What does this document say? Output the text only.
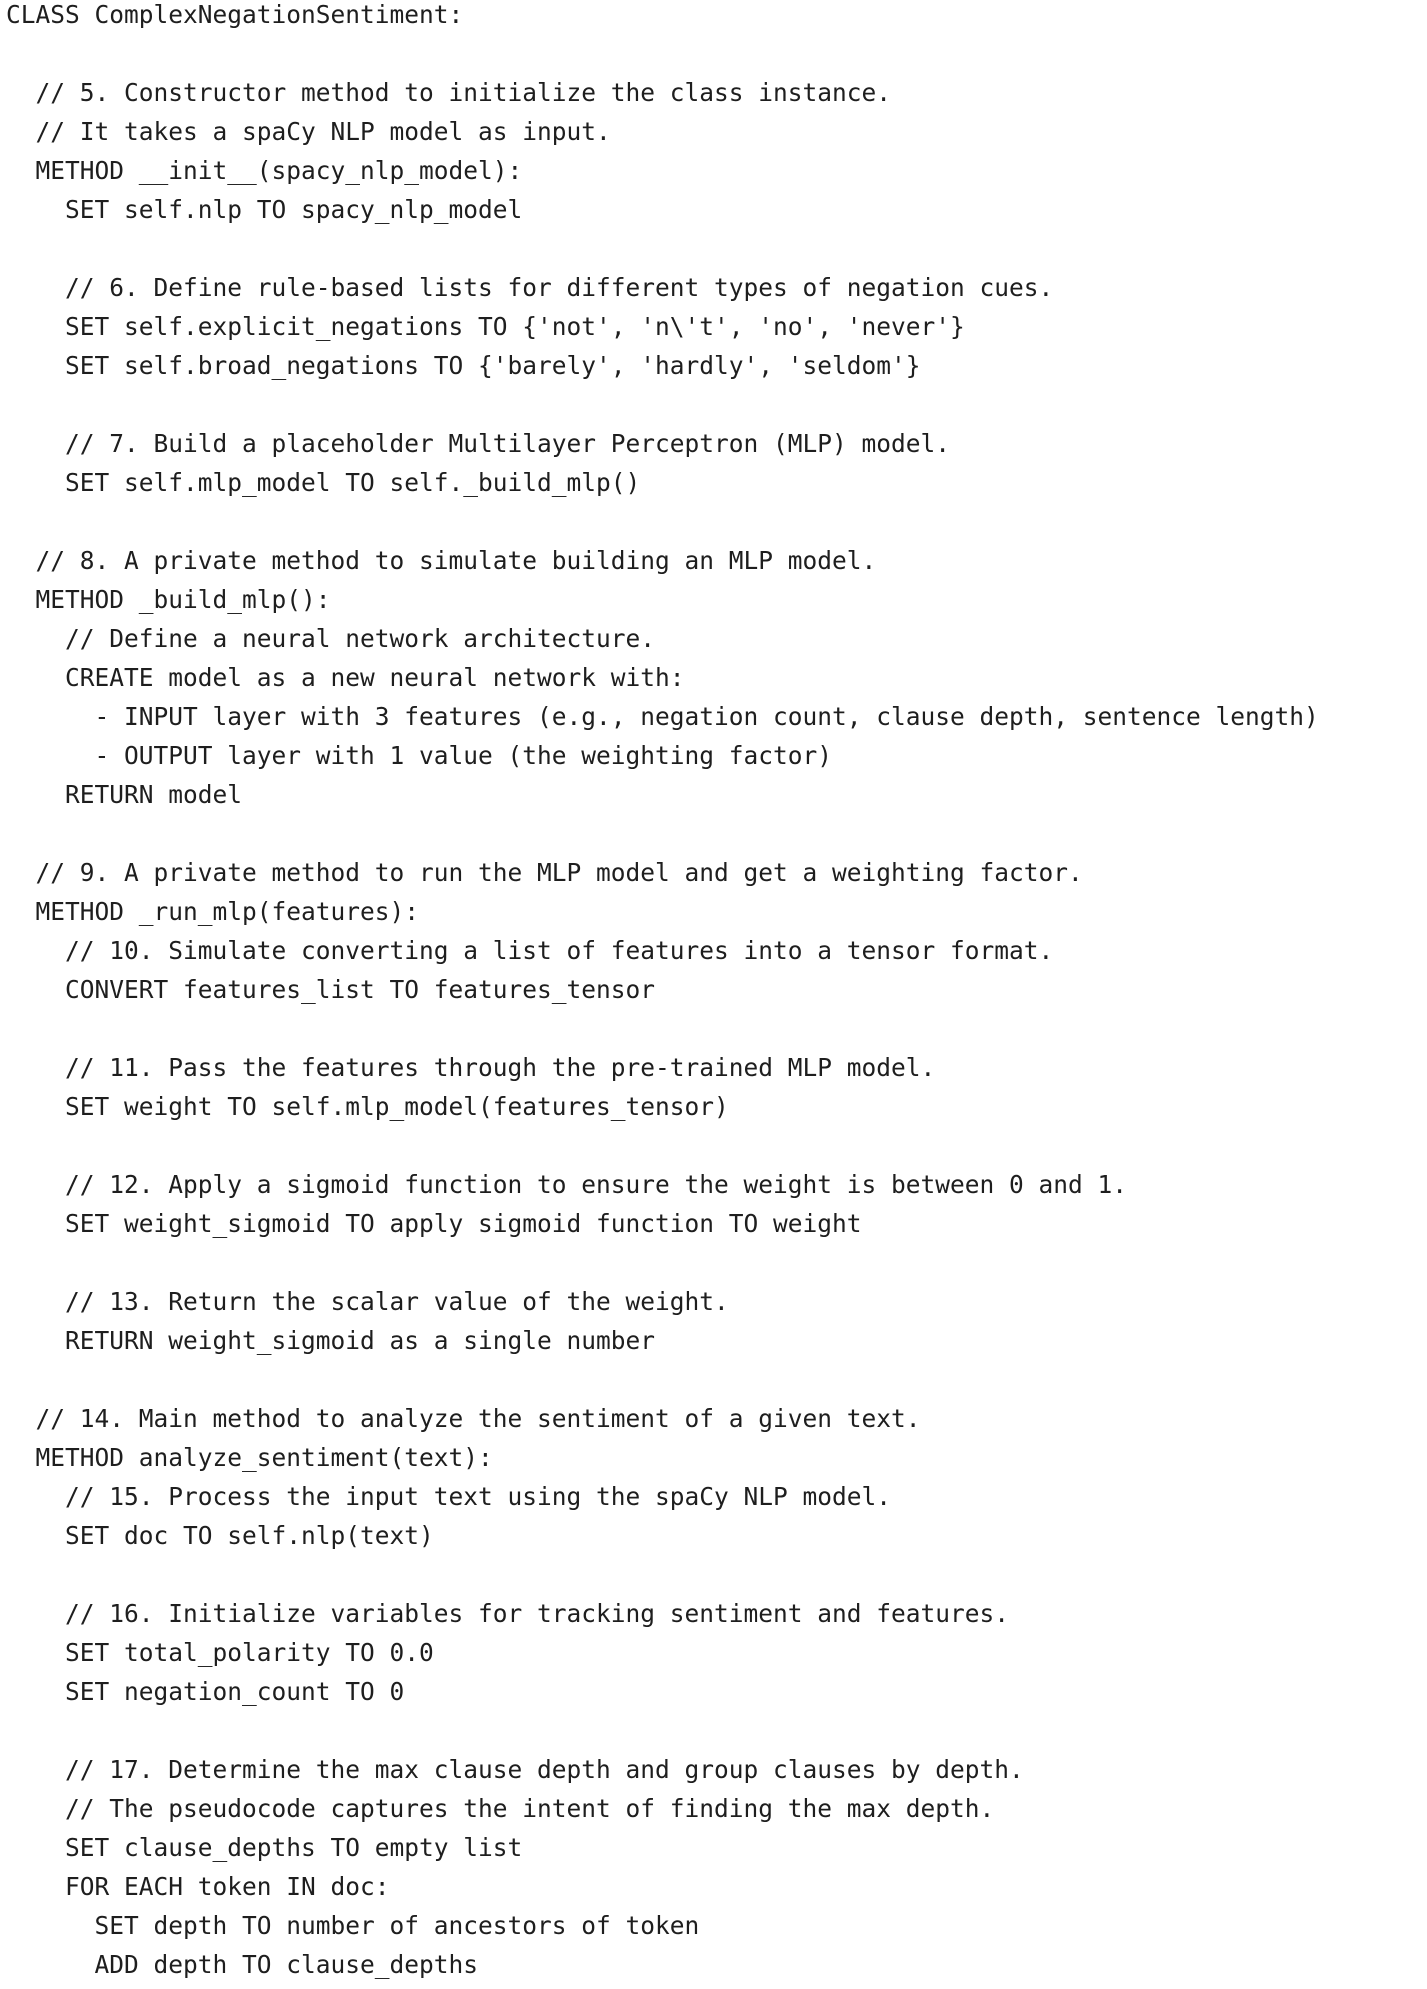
CLASS ComplexNegationSentiment:
// 5. Constructor method to initialize the class instance.
// It takes a spaCy NLP model as input.
METHOD __init__(spacy_nlp_model):
SET self.nlp TO spacy_nlp_model
// 6. Define rule-based lists for different types of negation cues.
SET self.explicit_negations TO {'not', 'n\'t', 'no', 'never'}
SET self.broad_negations TO {'barely', 'hardly', 'seldom'}
// 7. Build a placeholder Multilayer Perceptron (MLP) model.
SET self.mlp_model TO self._build_mlp()
// 8. A private method to simulate building an MLP model.
METHOD _build_mlp():
// Define a neural network architecture.
CREATE model as a new neural network with:
- INPUT layer with 3 features (e.g., negation count, clause depth, sentence length)
- OUTPUT layer with 1 value (the weighting factor)
RETURN model
// 9. A private method to run the MLP model and get a weighting factor.
METHOD _run_mlp(features):
// 10. Simulate converting a list of features into a tensor format.
CONVERT features_list TO features_tensor
// 11. Pass the features through the pre-trained MLP model.
SET weight TO self.mlp_model(features_tensor)
// 12. Apply a sigmoid function to ensure the weight is between 0 and 1.
SET weight_sigmoid TO apply sigmoid function TO weight
// 13. Return the scalar value of the weight.
RETURN weight_sigmoid as a single number
// 14. Main method to analyze the sentiment of a given text.
METHOD analyze_sentiment(text):
// 15. Process the input text using the spaCy NLP model.
SET doc TO self.nlp(text)
// 16. Initialize variables for tracking sentiment and features.
SET total_polarity TO 0.0
SET negation_count TO 0
// 17. Determine the max clause depth and group clauses by depth.
// The pseudocode captures the intent of finding the max depth.
SET clause_depths TO empty list
FOR EACH token IN doc:
SET depth TO number of ancestors of token
ADD depth TO clause_depths
